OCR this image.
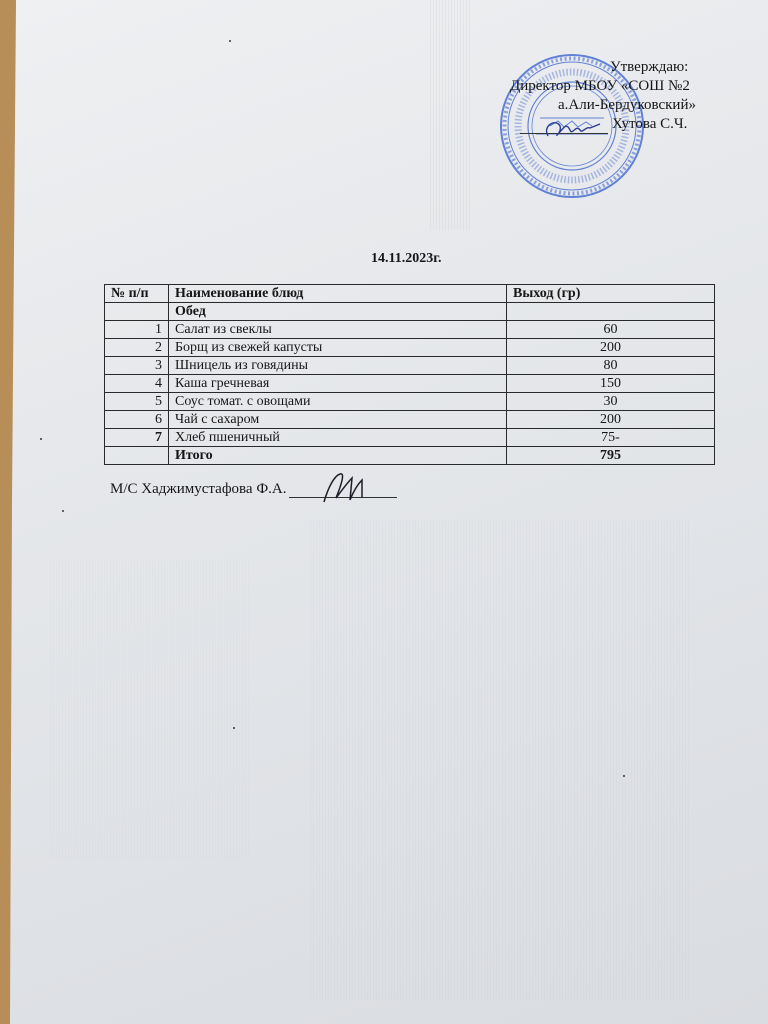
Утверждаю:
Директор МБОУ «СОШ №2
а.Али-Бердуковский»
Хутова С.Ч.
14.11.2023г.
№ п/п	Наименование блюд	Выход (гр)
	Обед	
1	Салат из свеклы	60
2	Борщ из свежей капусты	200
3	Шницель из говядины	80
4	Каша гречневая	150
5	Соус томат. с овощами	30
6	Чай с сахаром	200
7	Хлеб пшеничный	75-
	Итого	795
М/С Хаджимустафова Ф.А.
